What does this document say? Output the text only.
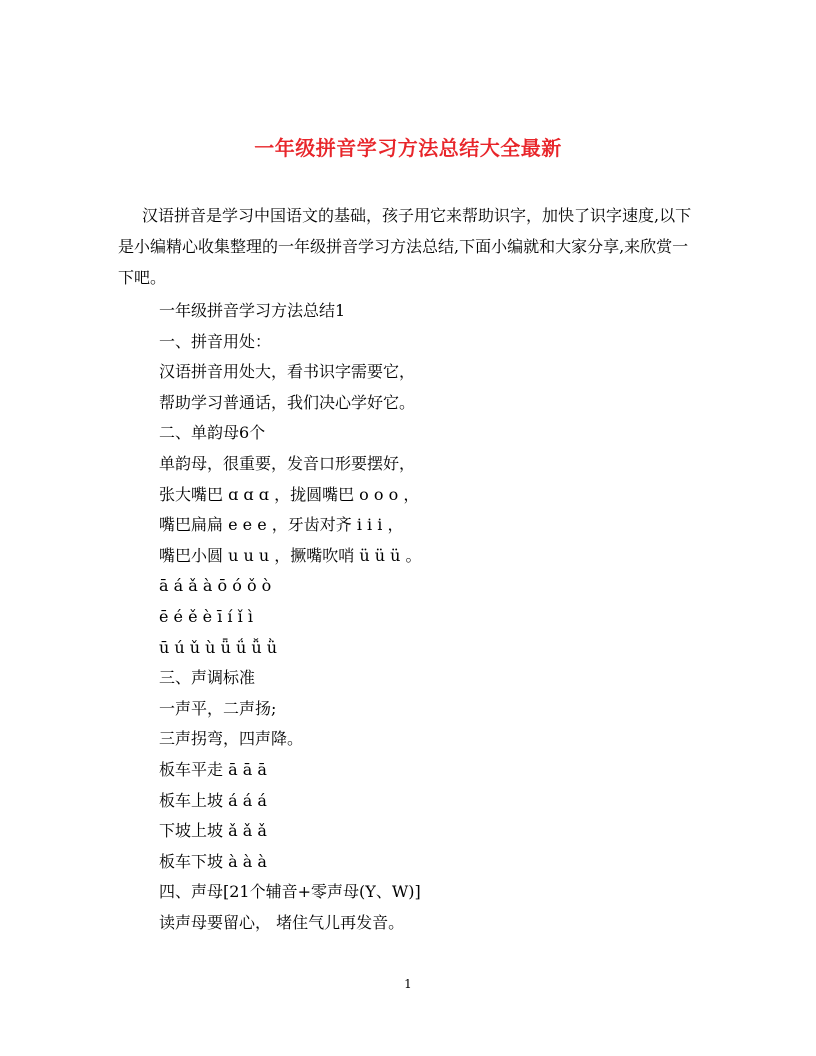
一年级拼音学习方法总结大全最新
汉语拼音是学习中国语文的基础，孩子用它来帮助识字，加快了识字速度,以下是小编精心收集整理的一年级拼音学习方法总结,下面小编就和大家分享,来欣赏一下吧。
一年级拼音学习方法总结1
一、拼音用处：
汉语拼音用处大，看书识字需要它，
帮助学习普通话，我们决心学好它。
二、单韵母6个
单韵母，很重要，发音口形要摆好，
张大嘴巴 ɑ ɑ ɑ ，拢圆嘴巴 o o o ，
嘴巴扁扁 e e e ，牙齿对齐 i i i ，
嘴巴小圆 u u u ，撅嘴吹哨 ü ü ü 。
ā á ǎ à ō ó ǒ ò
ē é ě è ī í ǐ ì
ū ú ǔ ù ǖ ǘ ǚ ǜ
三、声调标准
一声平，二声扬;
三声拐弯，四声降。
板车平走 ā ā ā
板车上坡 á á á
下坡上坡 ǎ ǎ ǎ
板车下坡 à à à
四、声母[21个辅音+零声母(Y、W)]
读声母要留心， 堵住气儿再发音。
1
